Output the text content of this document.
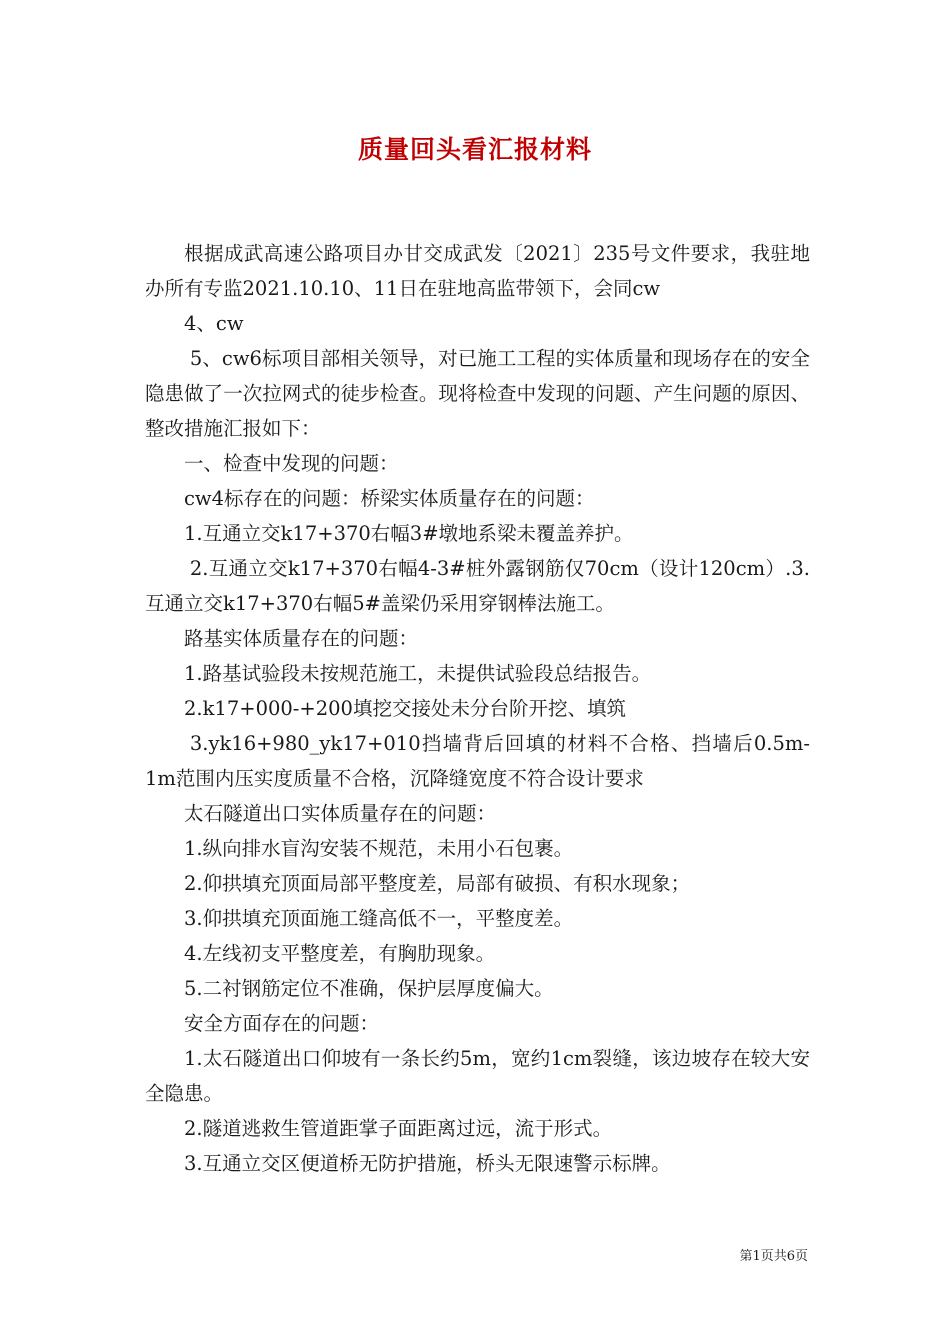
质量回头看汇报材料

根据成武高速公路项目办甘交成武发〔2021〕235号文件要求，我驻地办所有专监2021.10.10、11日在驻地高监带领下，会同cw

4、cw

5、cw6标项目部相关领导，对已施工工程的实体质量和现场存在的安全隐患做了一次拉网式的徒步检查。现将检查中发现的问题、产生问题的原因、整改措施汇报如下：

一、检查中发现的问题：

cw4标存在的问题：桥梁实体质量存在的问题：

1.互通立交k17+370右幅3#墩地系梁未覆盖养护。

2.互通立交k17+370右幅4-3#桩外露钢筋仅70cm（设计120cm）.3.互通立交k17+370右幅5#盖梁仍采用穿钢棒法施工。

路基实体质量存在的问题：

1.路基试验段未按规范施工，未提供试验段总结报告。

2.k17+000-+200填挖交接处未分台阶开挖、填筑

3.yk16+980_yk17+010挡墙背后回填的材料不合格、挡墙后0.5m-1m范围内压实度质量不合格，沉降缝宽度不符合设计要求

太石隧道出口实体质量存在的问题：

1.纵向排水盲沟安装不规范，未用小石包裹。

2.仰拱填充顶面局部平整度差，局部有破损、有积水现象；

3.仰拱填充顶面施工缝高低不一，平整度差。

4.左线初支平整度差，有胸肋现象。

5.二衬钢筋定位不准确，保护层厚度偏大。

安全方面存在的问题：

1.太石隧道出口仰坡有一条长约5m，宽约1cm裂缝，该边坡存在较大安全隐患。

2.隧道逃救生管道距掌子面距离过远，流于形式。

3.互通立交区便道桥无防护措施，桥头无限速警示标牌。

第1页共6页
